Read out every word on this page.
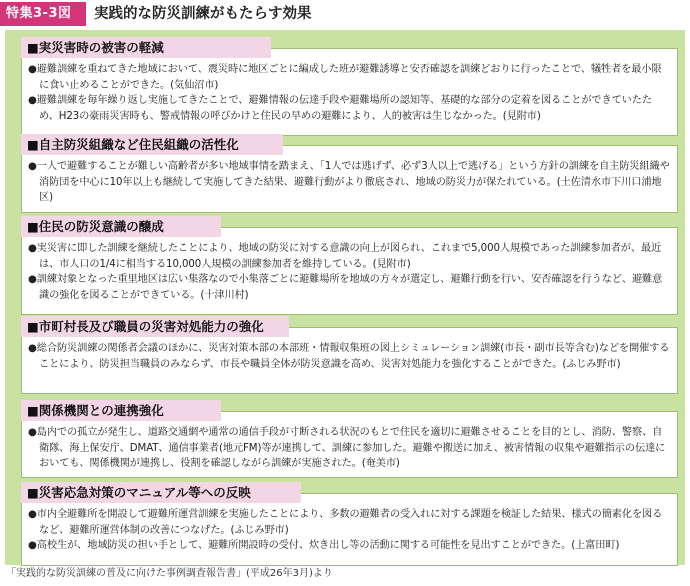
特集3-3図	実践的な防災訓練がもたらす効果
■実災害時の被害の軽減

●避難訓練を重ねてきた地域において、震災時に地区ごとに編成した班が避難誘導と安否確認を訓練どおりに行ったことで、犠牲者を最小限に食い止めることができた。(気仙沼市)

●避難訓練を毎年繰り返し実施してきたことで、避難情報の伝達手段や避難場所の認知等、基礎的な部分の定着を図ることができていたため、H23の豪雨災害時も、警戒情報の呼びかけと住民の早めの避難により、人的被害は生じなかった。(見附市)

■自主防災組織など住民組織の活性化

●一人で避難することが難しい高齢者が多い地域事情を踏まえ、「1人では逃げず、必ず3人以上で逃げる」という方針の訓練を自主防災組織や消防団を中心に10年以上も継続して実施してきた結果、避難行動がより徹底され、地域の防災力が保たれている。(土佐清水市下川口浦地区)

■住民の防災意識の醸成

●実災害に即した訓練を継続したことにより、地域の防災に対する意識の向上が図られ、これまで5,000人規模であった訓練参加者が、最近は、市人口の1/4に相当する10,000人規模の訓練参加者を維持している。(見附市)

●訓練対象となった重里地区は広い集落なので小集落ごとに避難場所を地域の方々が選定し、避難行動を行い、安否確認を行うなど、避難意識の強化を図ることができている。(十津川村)

■市町村長及び職員の災害対処能力の強化

●総合防災訓練の関係者会議のほかに、災害対策本部の本部班・情報収集班の図上シミュレーション訓練(市長・副市長等含む)などを開催することにより、防災担当職員のみならず、市長や職員全体が防災意識を高め、災害対処能力を強化することができた。(ふじみ野市)

■関係機関との連携強化

●島内での孤立が発生し、道路交通網や通常の通信手段が寸断される状況のもとで住民を適切に避難させることを目的とし、消防、警察、自衛隊、海上保安庁、DMAT、通信事業者(地元FM)等が連携して、訓練に参加した。避難や搬送に加え、被害情報の収集や避難指示の伝達においても、関係機関が連携し、役割を確認しながら訓練が実施された。(奄美市)

■災害応急対策のマニュアル等への反映

●市内全避難所を開設して避難所運営訓練を実施したことにより、多数の避難者の受入れに対する課題を検証した結果、様式の簡素化を図るなど、避難所運営体制の改善につなげた。(ふじみ野市)

●高校生が、地域防災の担い手として、避難所開設時の受付、炊き出し等の活動に関する可能性を見出すことができた。(上富田町)

「実践的な防災訓練の普及に向けた事例調査報告書」(平成26年3月)より
